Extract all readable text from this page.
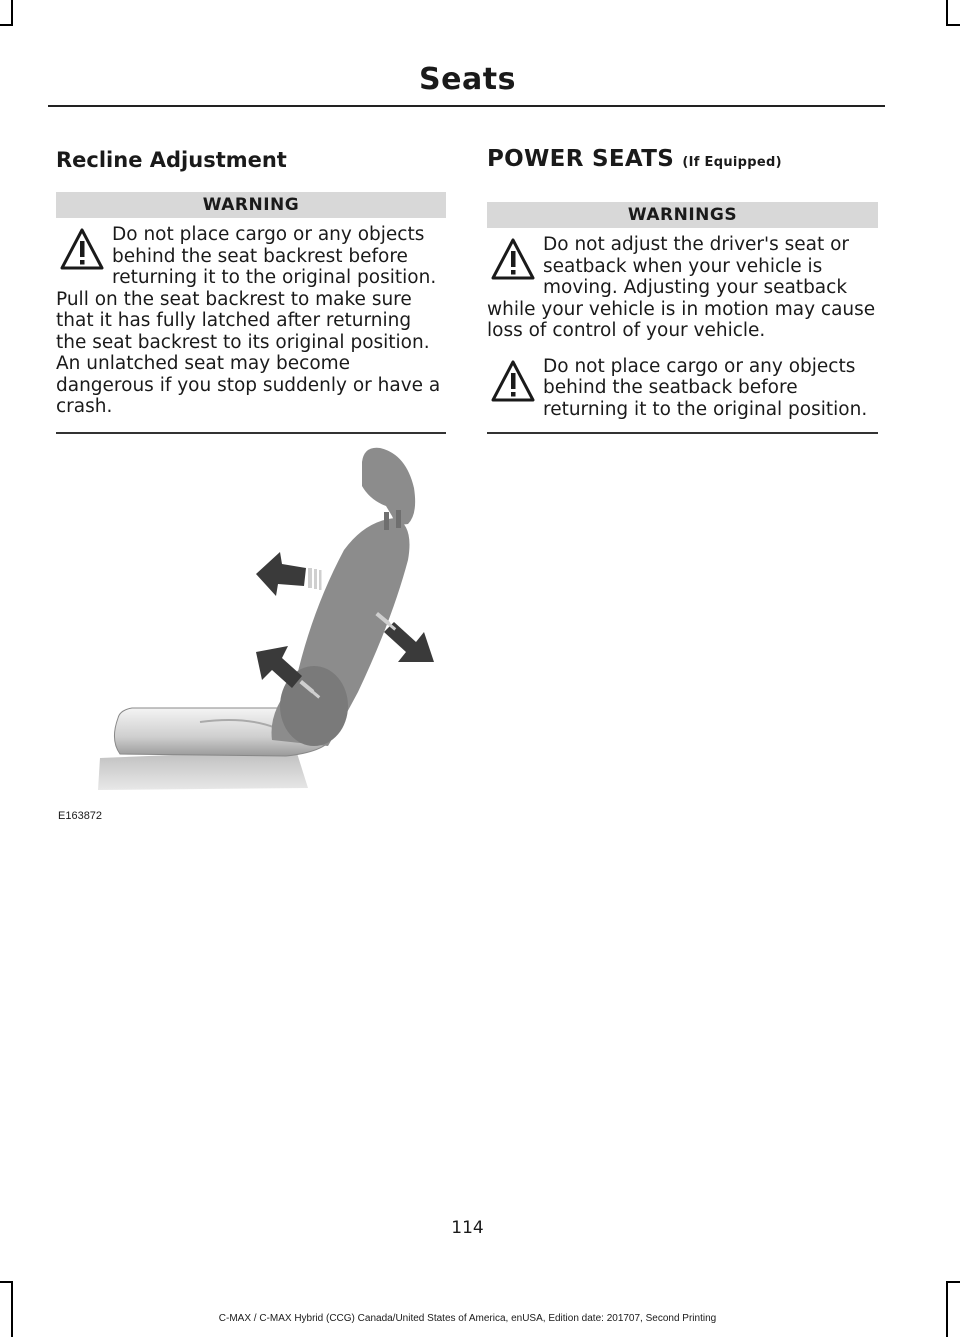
Seats
Recline Adjustment
WARNING

Do not place cargo or any objects behind the seat backrest before returning it to the original position.

Pull on the seat backrest to make sure that it has fully latched after returning the seat backrest to its original position. An unlatched seat may become dangerous if you stop suddenly or have a crash.

POWER SEATS (If Equipped)
WARNINGS

Do not adjust the driver's seat or seatback when your vehicle is moving. Adjusting your seatback while your vehicle is in motion may cause loss of control of your vehicle.

Do not place cargo or any objects behind the seatback before returning it to the original position.

E163872
114
C-MAX / C-MAX Hybrid (CCG) Canada/United States of America, enUSA, Edition date: 201707, Second Printing
